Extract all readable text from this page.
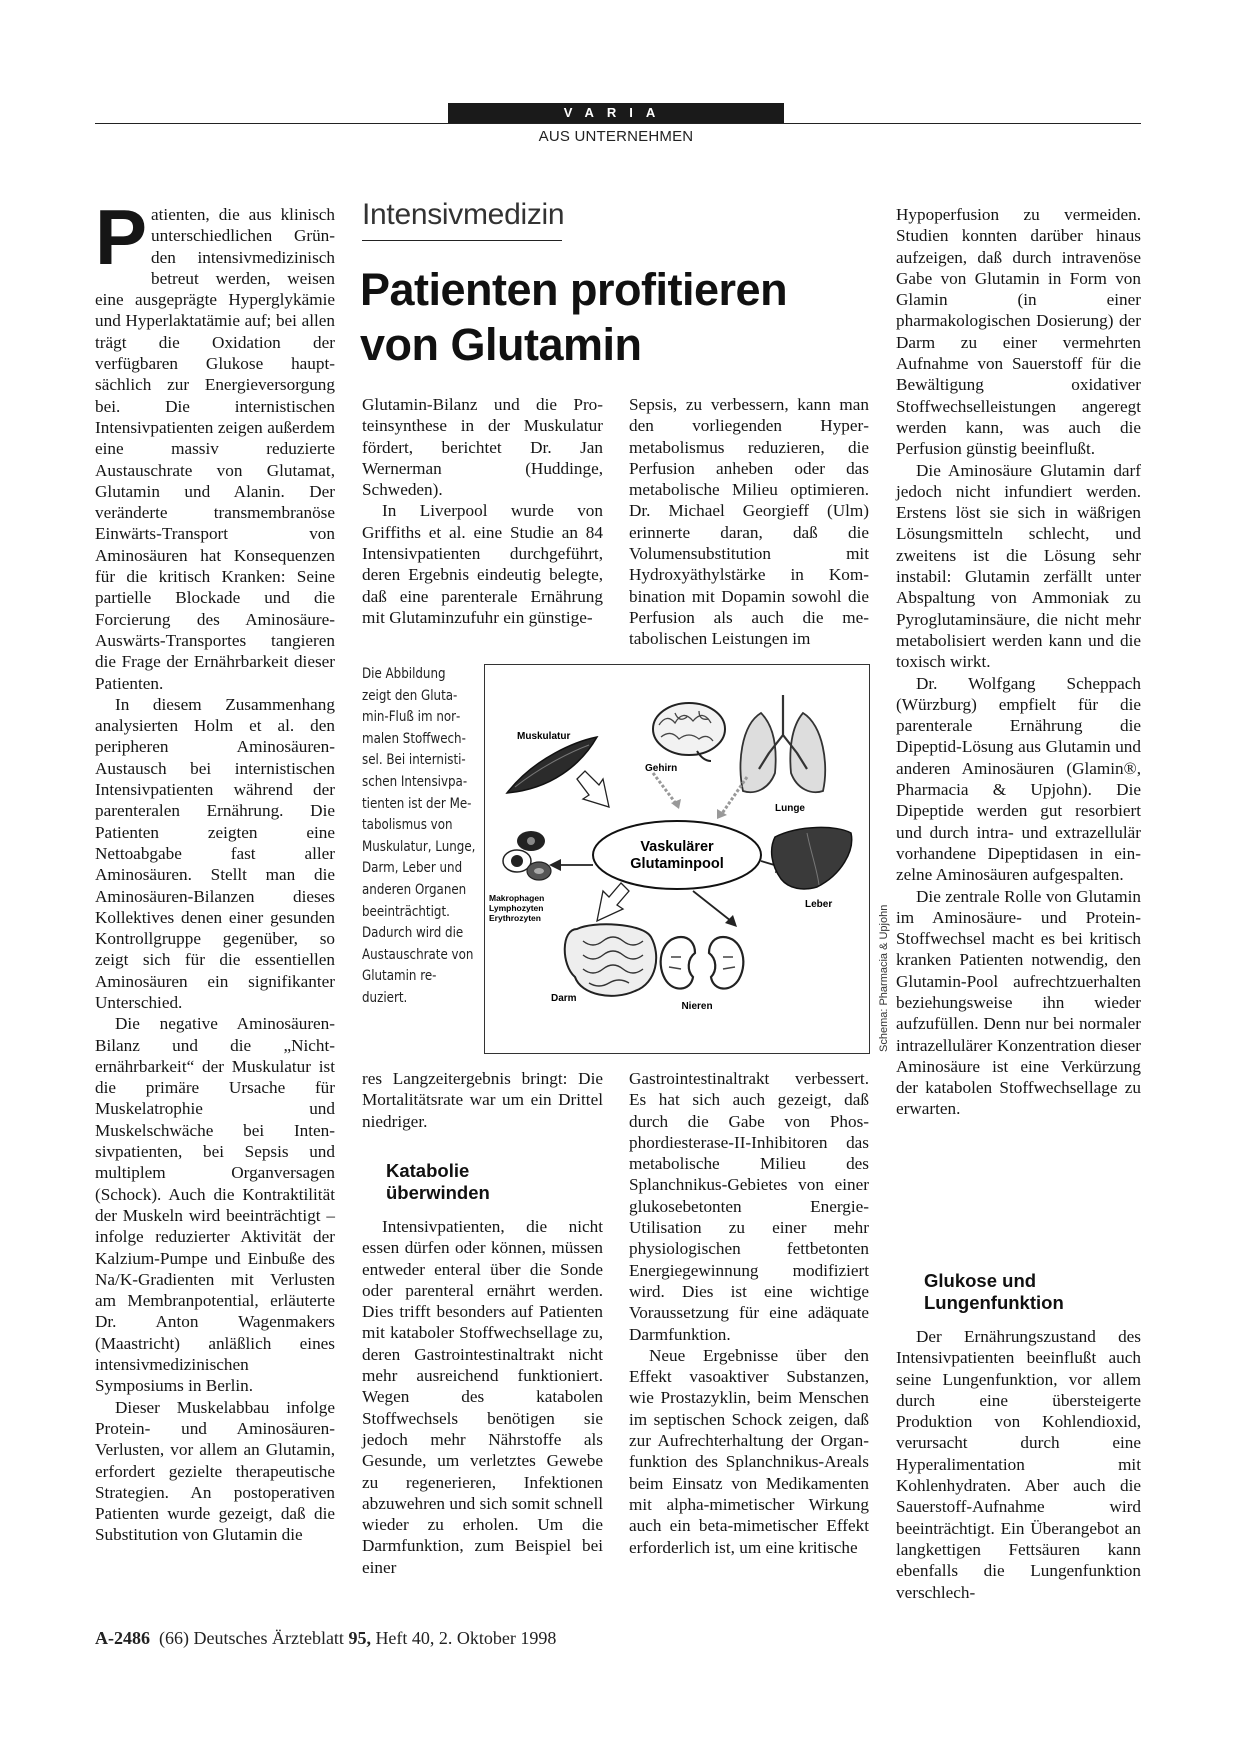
VARIA
AUS UNTERNEHMEN
P atienten, die aus klinisch unterschiedlichen Gründen intensivmedizinisch betreut werden, weisen eine ausgeprägte Hyperglykämie und Hyperlaktatämie auf; bei allen trägt die Oxidation der verfügbaren Glukose hauptsächlich zur Energieversorgung bei. Die internistischen Intensivpatienten zeigen außerdem eine massiv reduzierte Austauschrate von Glutamat, Glutamin und Alanin. Der veränderte transmembranöse Einwärts-Transport von Aminosäuren hat Konsequenzen für die kritisch Kranken: Seine partielle Blockade und die Forcierung des Aminosäure-Auswärts-Transportes tangieren die Frage der Ernährbarkeit dieser Patienten.

In diesem Zusammenhang analysierten Holm et al. den peripheren Aminosäuren-Austausch bei internistischen Intensivpatienten während der parenteralen Ernährung. Die Patienten zeigten eine Nettoabgabe fast aller Aminosäuren. Stellt man die Aminosäuren-Bilanzen dieses Kollektives denen einer gesunden Kontrollgruppe gegenüber, so zeigt sich für die essentiellen Aminosäuren ein signifikanter Unterschied.

Die negative Aminosäuren-Bilanz und die „Nichternährbarkeit“ der Muskulatur ist die primäre Ursache für Muskelatrophie und Muskelschwäche bei Intensivpatienten, bei Sepsis und multiplem Organversagen (Schock). Auch die Kontraktilität der Muskeln wird beeinträchtigt – infolge reduzierter Aktivität der Kalzium-Pumpe und Einbuße des Na/K-Gradienten mit Verlusten am Membranpotential, erläuterte Dr. Anton Wagenmakers (Maastricht) anläßlich eines intensivmedizinischen Symposiums in Berlin.

Dieser Muskelabbau infolge Protein- und Aminosäuren-Verlusten, vor allem an Glutamin, erfordert gezielte therapeutische Strategien. An postoperativen Patienten wurde gezeigt, daß die Substitution von Glutamin die

Intensivmedizin
Patienten profitieren
von Glutamin

Glutamin-Bilanz und die Proteinsynthese in der Muskulatur fördert, berichtet Dr. Jan Wernerman (Huddinge, Schweden).

In Liverpool wurde von Griffiths et al. eine Studie an 84 Intensivpatienten durchgeführt, deren Ergebnis eindeutig belegte, daß eine parenterale Ernährung mit Glutaminzufuhr ein günstige-

Sepsis, zu verbessern, kann man den vorliegenden Hypermetabolismus reduzieren, die Perfusion anheben oder das metabolische Milieu optimieren. Dr. Michael Georgieff (Ulm) erinnerte daran, daß die Volumensubstitution mit Hydroxyäthylstärke in Kombination mit Dopamin sowohl die Perfusion als auch die metabolischen Leistungen im

Die Abbildung zeigt den Glutamin-Fluß im normalen Stoffwechsel. Bei internistischen Intensivpatienten ist der Metabolismus von Muskulatur, Lunge, Darm, Leber und anderen Organen beeinträchtigt. Dadurch wird die Austauschrate von Glutamin reduziert.
Muskulatur
Gehirn
Lunge
Vaskulärer
Glutaminpool
Makrophagen
Lymphozyten
Erythrozyten
Leber
Darm
Nieren	Schema: Pharmacia & Upjohn

res Langzeitergebnis bringt: Die Mortalitätsrate war um ein Drittel niedriger.

Katabolie
überwinden

Intensivpatienten, die nicht essen dürfen oder können, müssen entweder enteral über die Sonde oder parenteral ernährt werden. Dies trifft besonders auf Patienten mit kataboler Stoffwechsellage zu, deren Gastrointestinaltrakt nicht mehr ausreichend funktioniert. Wegen des katabolen Stoffwechsels benötigen sie jedoch mehr Nährstoffe als Gesunde, um verletztes Gewebe zu regenerieren, Infektionen abzuwehren und sich somit schnell wieder zu erholen. Um die Darmfunktion, zum Beispiel bei einer

Gastrointestinaltrakt verbessert. Es hat sich auch gezeigt, daß durch die Gabe von Phosphordiesterase-II-Inhibitoren das metabolische Milieu des Splanchnikus-Gebietes von einer glukosebetonten Energie-Utilisation zu einer mehr physiologischen fettbetonten Energiegewinnung modifiziert wird. Dies ist eine wichtige Voraussetzung für eine adäquate Darmfunktion.

Neue Ergebnisse über den Effekt vasoaktiver Substanzen, wie Prostazyklin, beim Menschen im septischen Schock zeigen, daß zur Aufrechterhaltung der Organfunktion des Splanchnikus-Areals beim Einsatz von Medikamenten mit alpha-mimetischer Wirkung auch ein beta-mimetischer Effekt erforderlich ist, um eine kritische

Hypoperfusion zu vermeiden. Studien konnten darüber hinaus aufzeigen, daß durch intravenöse Gabe von Glutamin in Form von Glamin (in einer pharmakologischen Dosierung) der Darm zu einer vermehrten Aufnahme von Sauerstoff für die Bewältigung oxidativer Stoffwechselleistungen angeregt werden kann, was auch die Perfusion günstig beeinflußt.

Die Aminosäure Glutamin darf jedoch nicht infundiert werden. Erstens löst sie sich in wäßrigen Lösungsmitteln schlecht, und zweitens ist die Lösung sehr instabil: Glutamin zerfällt unter Abspaltung von Ammoniak zu Pyroglutaminsäure, die nicht mehr metabolisiert werden kann und die toxisch wirkt.

Dr. Wolfgang Scheppach (Würzburg) empfielt für die parenterale Ernährung die Dipeptid-Lösung aus Glutamin und anderen Aminosäuren (Glamin®, Pharmacia & Upjohn). Die Dipeptide werden gut resorbiert und durch intra- und extrazellulär vorhandene Dipeptidasen in einzelne Aminosäuren aufgespalten.

Die zentrale Rolle von Glutamin im Aminosäure- und Protein-Stoffwechsel macht es bei kritisch kranken Patienten notwendig, den Glutamin-Pool aufrechtzuerhalten beziehungsweise ihn wieder aufzufüllen. Denn nur bei normaler intrazellulärer Konzentration dieser Aminosäure ist eine Verkürzung der katabolen Stoffwechsellage zu erwarten.

Glukose und
Lungenfunktion

Der Ernährungszustand des Intensivpatienten beeinflußt auch seine Lungenfunktion, vor allem durch eine übersteigerte Produktion von Kohlendioxid, verursacht durch eine Hyperalimentation mit Kohlenhydraten. Aber auch die Sauerstoff-Aufnahme wird beeinträchtigt. Ein Überangebot an langkettigen Fettsäuren kann ebenfalls die Lungenfunktion verschlech-

A-2486 (66) Deutsches Ärzteblatt 95, Heft 40, 2. Oktober 1998
